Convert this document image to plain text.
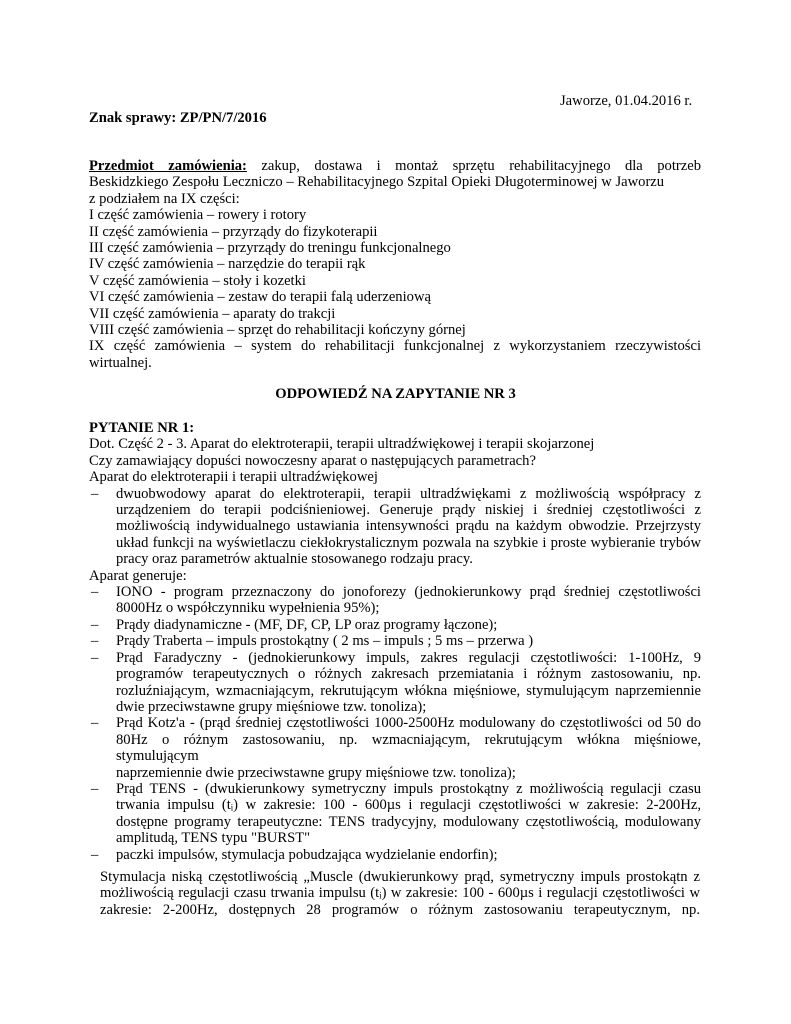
Jaworze, 01.04.2016 r.
Znak sprawy: ZP/PN/7/2016

Przedmiot zamówienia: zakup, dostawa i montaż sprzętu rehabilitacyjnego dla potrzeb

Beskidzkiego Zespołu Leczniczo – Rehabilitacyjnego Szpital Opieki Długoterminowej w Jaworzu

z podziałem na IX części:

I część zamówienia – rowery i rotory

II część zamówienia – przyrządy do fizykoterapii

III część zamówienia – przyrządy do treningu funkcjonalnego

IV część zamówienia – narzędzie do terapii rąk

V część zamówienia – stoły i kozetki

VI część zamówienia – zestaw do terapii falą uderzeniową

VII część zamówienia – aparaty do trakcji

VIII część zamówienia – sprzęt do rehabilitacji kończyny górnej

IX część zamówienia – system do rehabilitacji funkcjonalnej z wykorzystaniem rzeczywistości

wirtualnej.

ODPOWIEDŹ NA ZAPYTANIE NR 3

PYTANIE NR 1:

Dot. Część 2 - 3. Aparat do elektroterapii, terapii ultradźwiękowej i terapii skojarzonej

Czy zamawiający dopuści nowoczesny aparat o następujących parametrach?

Aparat do elektroterapii i terapii ultradźwiękowej

– dwuobwodowy aparat do elektroterapii, terapii ultradźwiękami z możliwością współpracy z

urządzeniem do terapii podciśnieniowej. Generuje prądy niskiej i średniej częstotliwości z

możliwością indywidualnego ustawiania intensywności prądu na każdym obwodzie. Przejrzysty

układ funkcji na wyświetlaczu ciekłokrystalicznym pozwala na szybkie i proste wybieranie trybów

pracy oraz parametrów aktualnie stosowanego rodzaju pracy.

Aparat generuje:

– IONO - program przeznaczony do jonoforezy (jednokierunkowy prąd średniej częstotliwości

8000Hz o współczynniku wypełnienia 95%);

– Prądy diadynamiczne - (MF, DF, CP, LP oraz programy łączone);

– Prądy Traberta – impuls prostokątny ( 2 ms – impuls ; 5 ms – przerwa )

– Prąd Faradyczny - (jednokierunkowy impuls, zakres regulacji częstotliwości: 1-100Hz, 9

programów terapeutycznych o różnych zakresach przemiatania i różnym zastosowaniu, np.

rozluźniającym, wzmacniającym, rekrutującym włókna mięśniowe, stymulującym naprzemiennie

dwie przeciwstawne grupy mięśniowe tzw. tonoliza);

– Prąd Kotz'a - (prąd średniej częstotliwości 1000-2500Hz modulowany do częstotliwości od 50 do

80Hz o różnym zastosowaniu, np. wzmacniającym, rekrutującym włókna mięśniowe, stymulującym

naprzemiennie dwie przeciwstawne grupy mięśniowe tzw. tonoliza);

– Prąd TENS - (dwukierunkowy symetryczny impuls prostokątny z możliwością regulacji czasu

trwania impulsu (tᵢ) w zakresie: 100 - 600µs i regulacji częstotliwości w zakresie: 2-200Hz,

dostępne programy terapeutyczne: TENS tradycyjny, modulowany częstotliwością, modulowany

amplitudą, TENS typu "BURST"

– paczki impulsów, stymulacja pobudzająca wydzielanie endorfin);

Stymulacja niską częstotliwością „Muscle (dwukierunkowy prąd, symetryczny impuls prostokątn z

możliwością regulacji czasu trwania impulsu (tᵢ) w zakresie: 100 - 600µs i regulacji częstotliwości w

zakresie: 2-200Hz, dostępnych 28 programów o różnym zastosowaniu terapeutycznym, np.
